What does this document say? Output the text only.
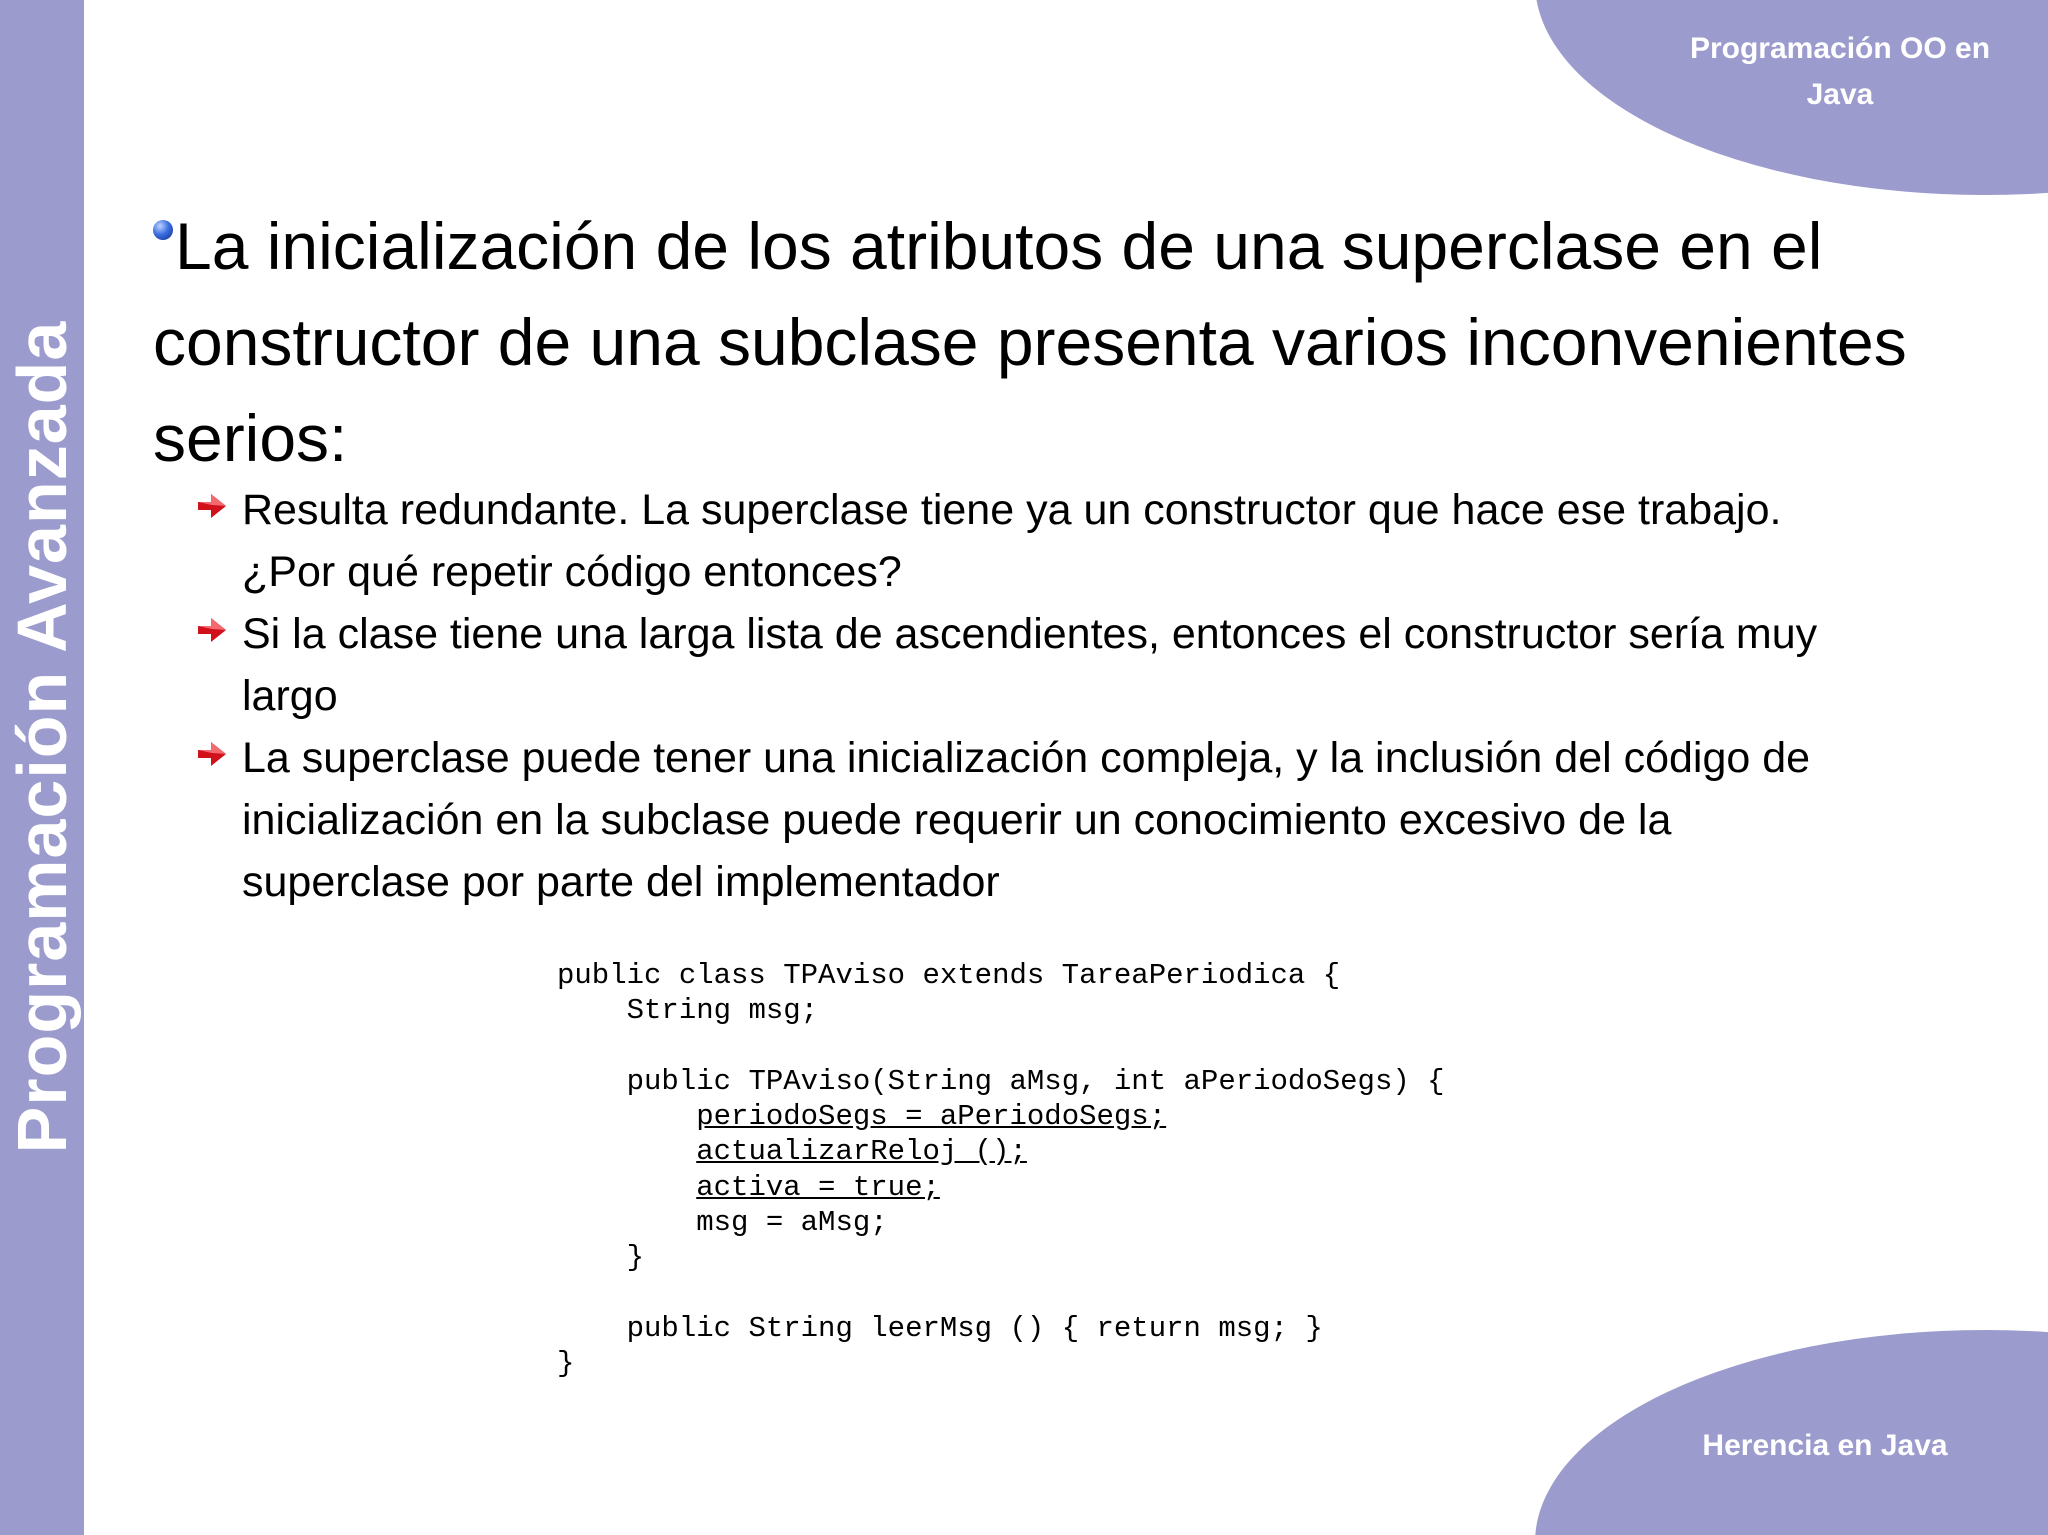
Programación Avanzada
Programación OO en
Java
Herencia en Java
La inicialización de los atributos de una superclase en el constructor de una subclase presenta varios inconvenientes serios:
Resulta redundante. La superclase tiene ya un constructor que hace ese trabajo. ¿Por qué repetir código entonces?
Si la clase tiene una larga lista de ascendientes, entonces el constructor sería muy largo
La superclase puede tener una inicialización compleja, y la inclusión del código de inicialización en la subclase puede requerir un conocimiento excesivo de la superclase por parte del implementador
public class TPAviso extends TareaPeriodica {
String msg;
public TPAviso(String aMsg, int aPeriodoSegs) {
periodoSegs = aPeriodoSegs;
actualizarReloj ();
activa = true;
msg = aMsg;
}
public String leerMsg () { return msg; }
}
